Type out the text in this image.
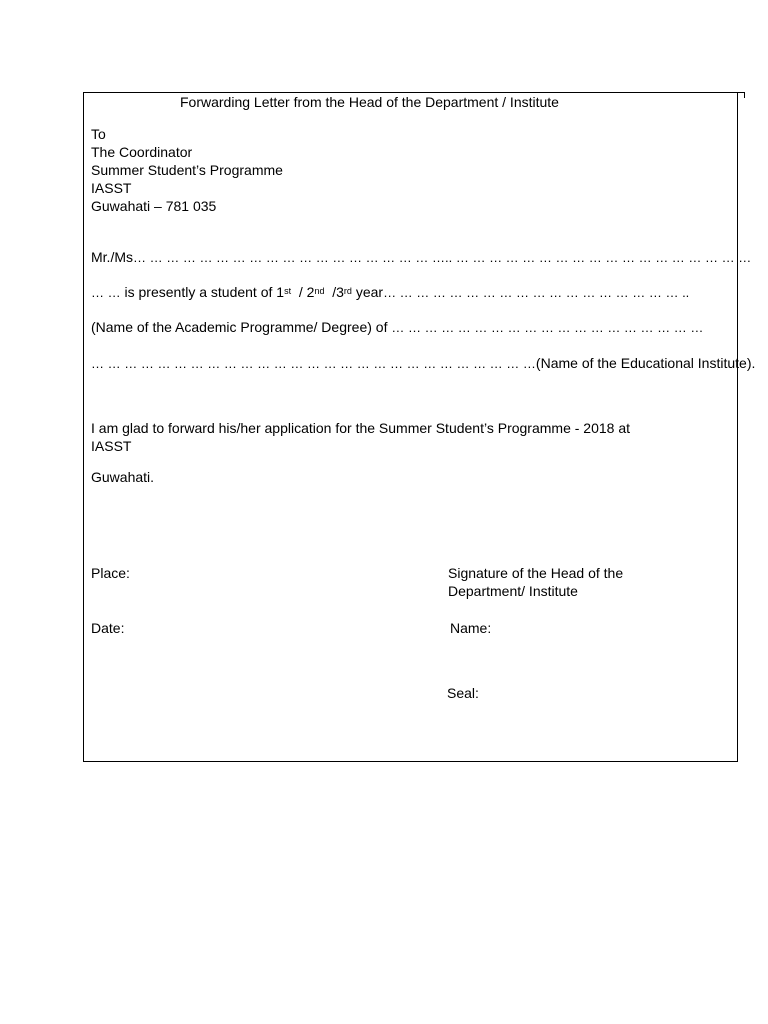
Forwarding Letter from the Head of the Department / Institute
To
The Coordinator
Summer Student’s Programme
IASST
Guwahati – 781 035
Mr./Ms… … … … … … … … … … … … … … … … … … ….. … … … … … … … … … … … … … … … … … …
… … is presently a student of 1st  / 2nd  /3rd year… … … … … … … … … … … … … … … … … … ..
(Name of the Academic Programme/ Degree) of … … … … … … … … … … … … … … … … … … …
… … … … … … … … … … … … … … … … … … … … … … … … … … …(Name of the Educational Institute).
I am glad to forward his/her application for the Summer Student’s Programme - 2018 at
IASST
Guwahati.
Place:	Signature of the Head of the
Department/ Institute
Date:	Name:
Seal:
